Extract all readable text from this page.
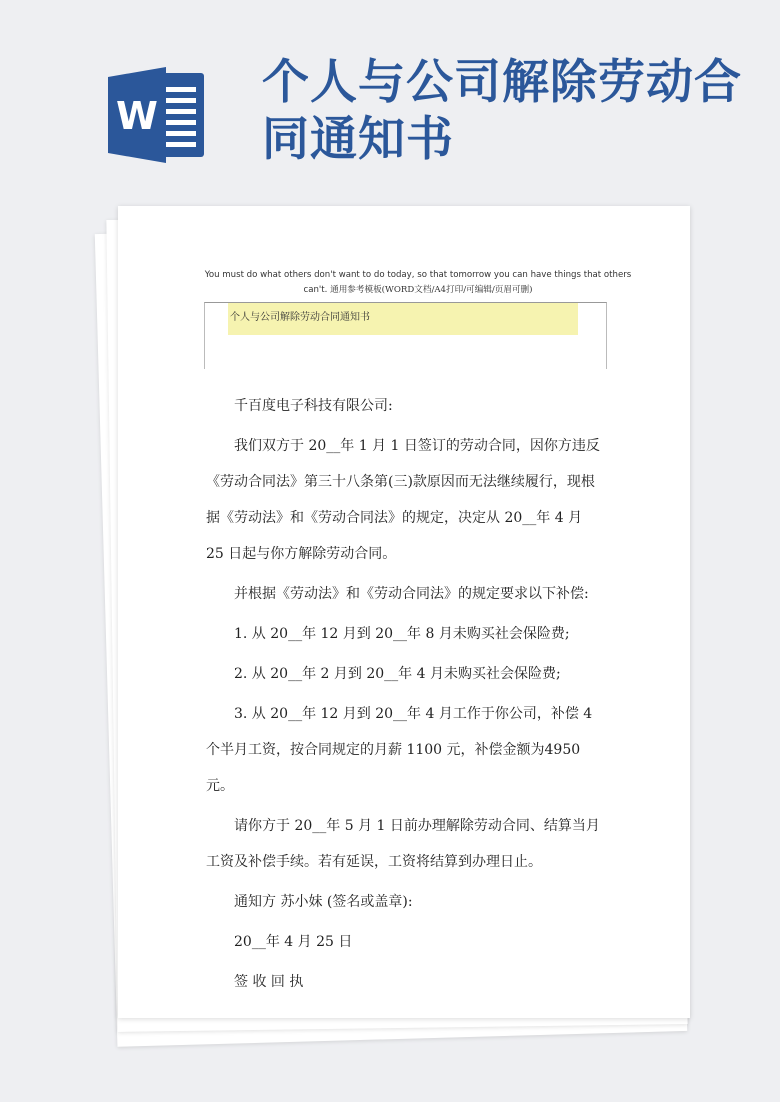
W
个人与公司解除劳动合同通知书
You must do what others don't want to do today, so that tomorrow you can have things that others can't. 通用参考模板(WORD文档/A4打印/可编辑/页眉可删)
个人与公司解除劳动合同通知书

千百度电子科技有限公司:

我们双方于 20__年 1 月 1 日签订的劳动合同，因你方违反《劳动合同法》第三十八条第(三)款原因而无法继续履行，现根据《劳动法》和《劳动合同法》的规定，决定从 20__年 4 月 25 日起与你方解除劳动合同。

并根据《劳动法》和《劳动合同法》的规定要求以下补偿:

1. 从 20__年 12 月到 20__年 8 月未购买社会保险费;

2. 从 20__年 2 月到 20__年 4 月未购买社会保险费;

3. 从 20__年 12 月到 20__年 4 月工作于你公司，补偿 4 个半月工资，按合同规定的月薪 1100 元，补偿金额为4950 元。

请你方于 20__年 5 月 1 日前办理解除劳动合同、结算当月工资及补偿手续。若有延误，工资将结算到办理日止。

通知方 苏小妹 (签名或盖章):

20__年 4 月 25 日

签 收 回 执
